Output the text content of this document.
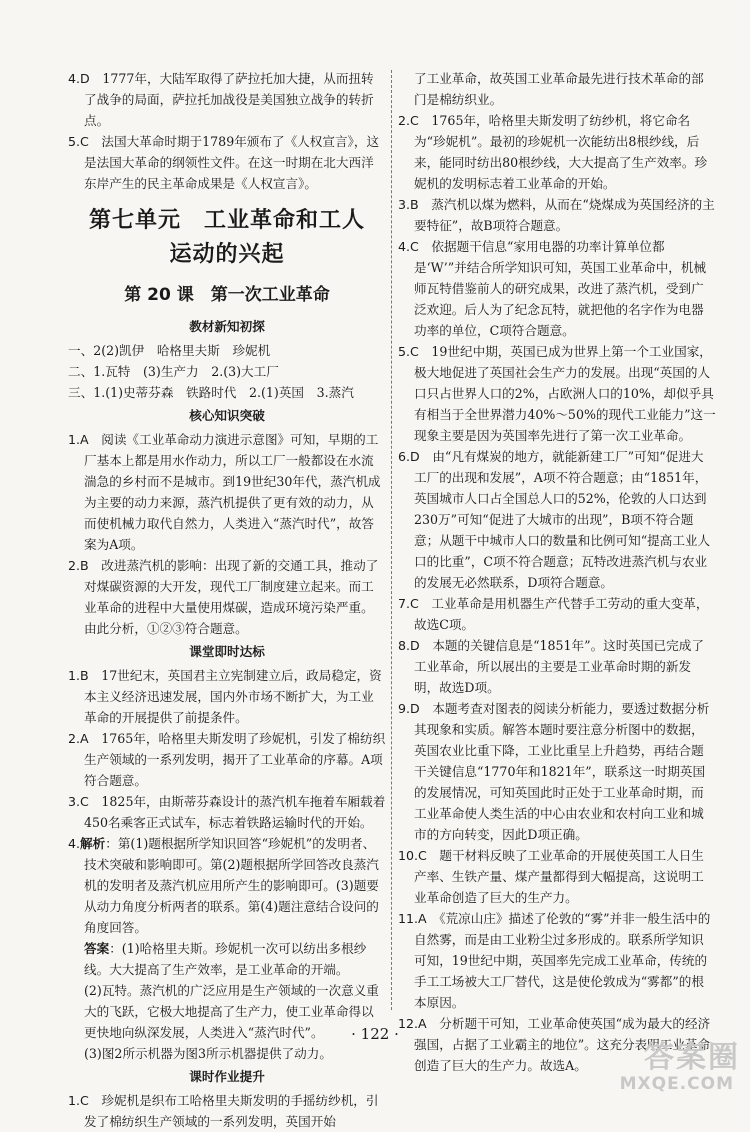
4.D　 1777年，大陆军取得了萨拉托加大捷，从而扭转了战争的局面，萨拉托加战役是美国独立战争的转折点。

5.C　 法国大革命时期于1789年颁布了《人权宣言》，这是法国大革命的纲领性文件。在这一时期在北大西洋东岸产生的民主革命成果是《人权宣言》。

第七单元　工业革命和工人
运动的兴起
第 20 课　第一次工业革命
教材新知初探

一、2(2)凯伊　哈格里夫斯　珍妮机

二、1.瓦特　(3)生产力　2.(3)大工厂

三、1.(1)史蒂芬森　铁路时代　2.(1)英国　3.蒸汽

核心知识突破

1.A　 阅读《工业革命动力演进示意图》可知，早期的工厂基本上都是用水作动力，所以工厂一般都设在水流湍急的乡村而不是城市。到19世纪30年代，蒸汽机成为主要的动力来源，蒸汽机提供了更有效的动力，从而使机械力取代自然力，人类进入“蒸汽时代”，故答案为A项。

2.B　 改进蒸汽机的影响：出现了新的交通工具，推动了对煤碳资源的大开发，现代工厂制度建立起来。而工业革命的进程中大量使用煤碳，造成环境污染严重。由此分析，①②③符合题意。

课堂即时达标

1.B　 17世纪末，英国君主立宪制建立后，政局稳定，资本主义经济迅速发展，国内外市场不断扩大，为工业革命的开展提供了前提条件。

2.A　 1765年，哈格里夫斯发明了珍妮机，引发了棉纺织生产领域的一系列发明，揭开了工业革命的序幕。A项符合题意。

3.C　 1825年，由斯蒂芬森设计的蒸汽机车拖着车厢载着450名乘客正式试车，标志着铁路运输时代的开始。

4.解析：第(1)题根据所学知识回答“珍妮机”的发明者、技术突破和影响即可。第(2)题根据所学回答改良蒸汽机的发明者及蒸汽机应用所产生的影响即可。(3)题要从动力角度分析两者的联系。第(4)题注意结合设问的角度回答。

答案：(1)哈格里夫斯。珍妮机一次可以纺出多根纱线。大大提高了生产效率，是工业革命的开端。

(2)瓦特。蒸汽机的广泛应用是生产领域的一次意义重大的飞跃，它极大地提高了生产力，使工业革命得以更快地向纵深发展，人类进入“蒸汽时代”。

(3)图2所示机器为图3所示机器提供了动力。

课时作业提升

1.C　 珍妮机是织布工哈格里夫斯发明的手摇纺纱机，引发了棉纺织生产领域的一系列发明，英国开始

了工业革命，故英国工业革命最先进行技术革命的部门是棉纺织业。

2.C　 1765年，哈格里夫斯发明了纺纱机，将它命名为“珍妮机”。最初的珍妮机一次能纺出8根纱线，后来，能同时纺出80根纱线，大大提高了生产效率。珍妮机的发明标志着工业革命的开始。

3.B　 蒸汽机以煤为燃料，从而在“烧煤成为英国经济的主要特征”，故B项符合题意。

4.C　 依据题干信息“家用电器的功率计算单位都是‘W’”并结合所学知识可知，英国工业革命中，机械师瓦特借鉴前人的研究成果，改进了蒸汽机，受到广泛欢迎。后人为了纪念瓦特，就把他的名字作为电器功率的单位，C项符合题意。

5.C　 19世纪中期，英国已成为世界上第一个工业国家，极大地促进了英国社会生产力的发展。出现“英国的人口只占世界人口的2%，占欧洲人口的10%，却似乎具有相当于全世界潜力40%～50%的现代工业能力”这一现象主要是因为英国率先进行了第一次工业革命。

6.D　 由“凡有煤炭的地方，就能新建工厂”可知“促进大工厂的出现和发展”，A项不符合题意；由“1851年，英国城市人口占全国总人口的52%，伦敦的人口达到230万”可知“促进了大城市的出现”，B项不符合题意；从题干中城市人口的数量和比例可知“提高工业人口的比重”，C项不符合题意；瓦特改进蒸汽机与农业的发展无必然联系，D项符合题意。

7.C　 工业革命是用机器生产代替手工劳动的重大变革，故选C项。

8.D　 本题的关键信息是“1851年”。这时英国已完成了工业革命，所以展出的主要是工业革命时期的新发明，故选D项。

9.D　 本题考查对图表的阅读分析能力，要透过数据分析其现象和实质。解答本题时要注意分析图中的数据，英国农业比重下降，工业比重呈上升趋势，再结合题干关键信息“1770年和1821年”，联系这一时期英国的发展情况，可知英国此时正处于工业革命时期，而工业革命使人类生活的中心由农业和农村向工业和城市的方向转变，因此D项正确。

10.C　 题干材料反映了工业革命的开展使英国工人日生产率、生铁产量、煤产量都得到大幅提高，这说明工业革命创造了巨大的生产力。

11.A　 《荒凉山庄》描述了伦敦的“雾”并非一般生活中的自然雾，而是由工业粉尘过多形成的。联系所学知识可知，19世纪中期，英国率先完成工业革命，传统的手工工场被大工厂替代，这是使伦敦成为“雾都”的根本原因。

12.A　 分析题干可知，工业革命使英国“成为最大的经济强国，占据了工业霸主的地位”。这充分表明工业革命创造了巨大的生产力。故选A。

· 122 ·
答案圈
MXQE.COM
